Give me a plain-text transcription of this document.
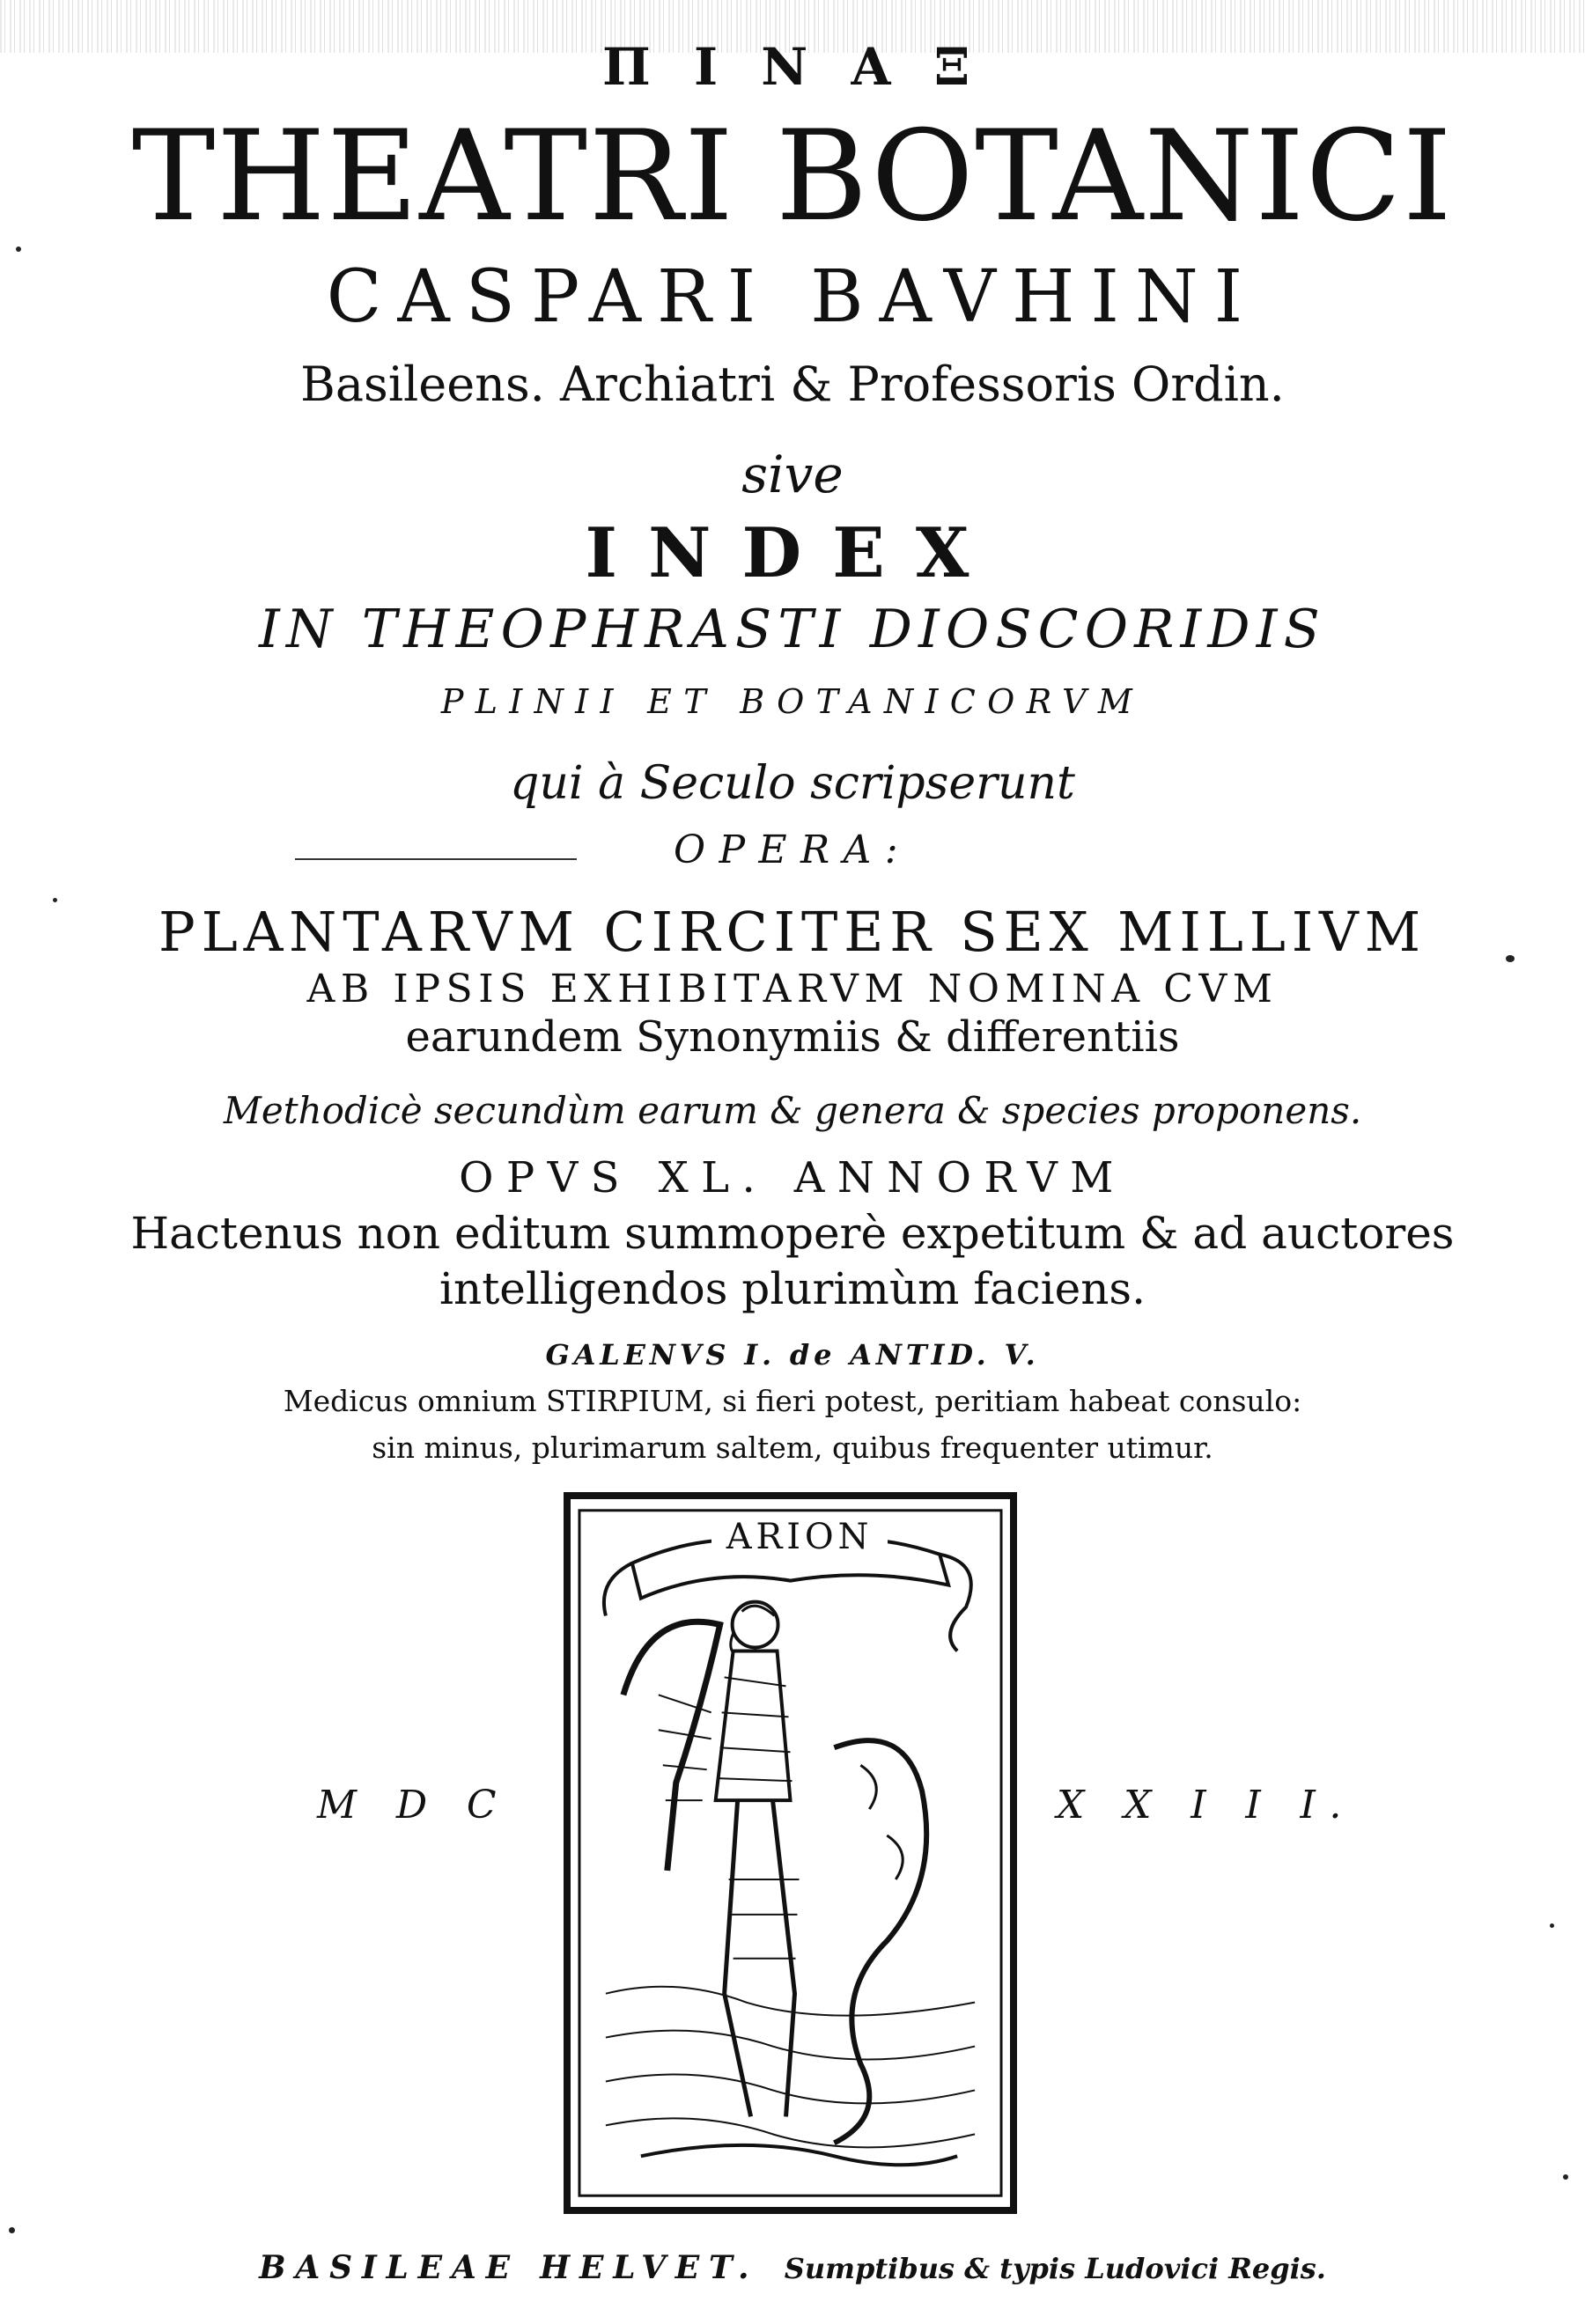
Π Ι Ν Α Ξ
THEATRI BOTANICI
CASPARI BAVHINI
Basileens. Archiatri & Professoris Ordin.
sive
INDEX
IN THEOPHRASTI DIOSCORIDIS
PLINII ET BOTANICORVM
qui à Seculo scripserunt
OPERA:
PLANTARVM CIRCITER SEX MILLIVM
AB IPSIS EXHIBITARVM NOMINA CVM
earundem Synonymiis & differentiis
Methodicè secundùm earum & genera & species proponens.
OPVS XL. ANNORVM
Hactenus non editum summoperè expetitum & ad auctores
intelligendos plurimùm faciens.
GALENVS I. de ANTID. V.
Medicus omnium STIRPIUM, si fieri potest, peritiam habeat consulo:
sin minus, plurimarum saltem, quibus frequenter utimur.
M D C	X X I I I.
ARION
BASILEAE HELVET. Sumptibus & typis Ludovici Regis.
